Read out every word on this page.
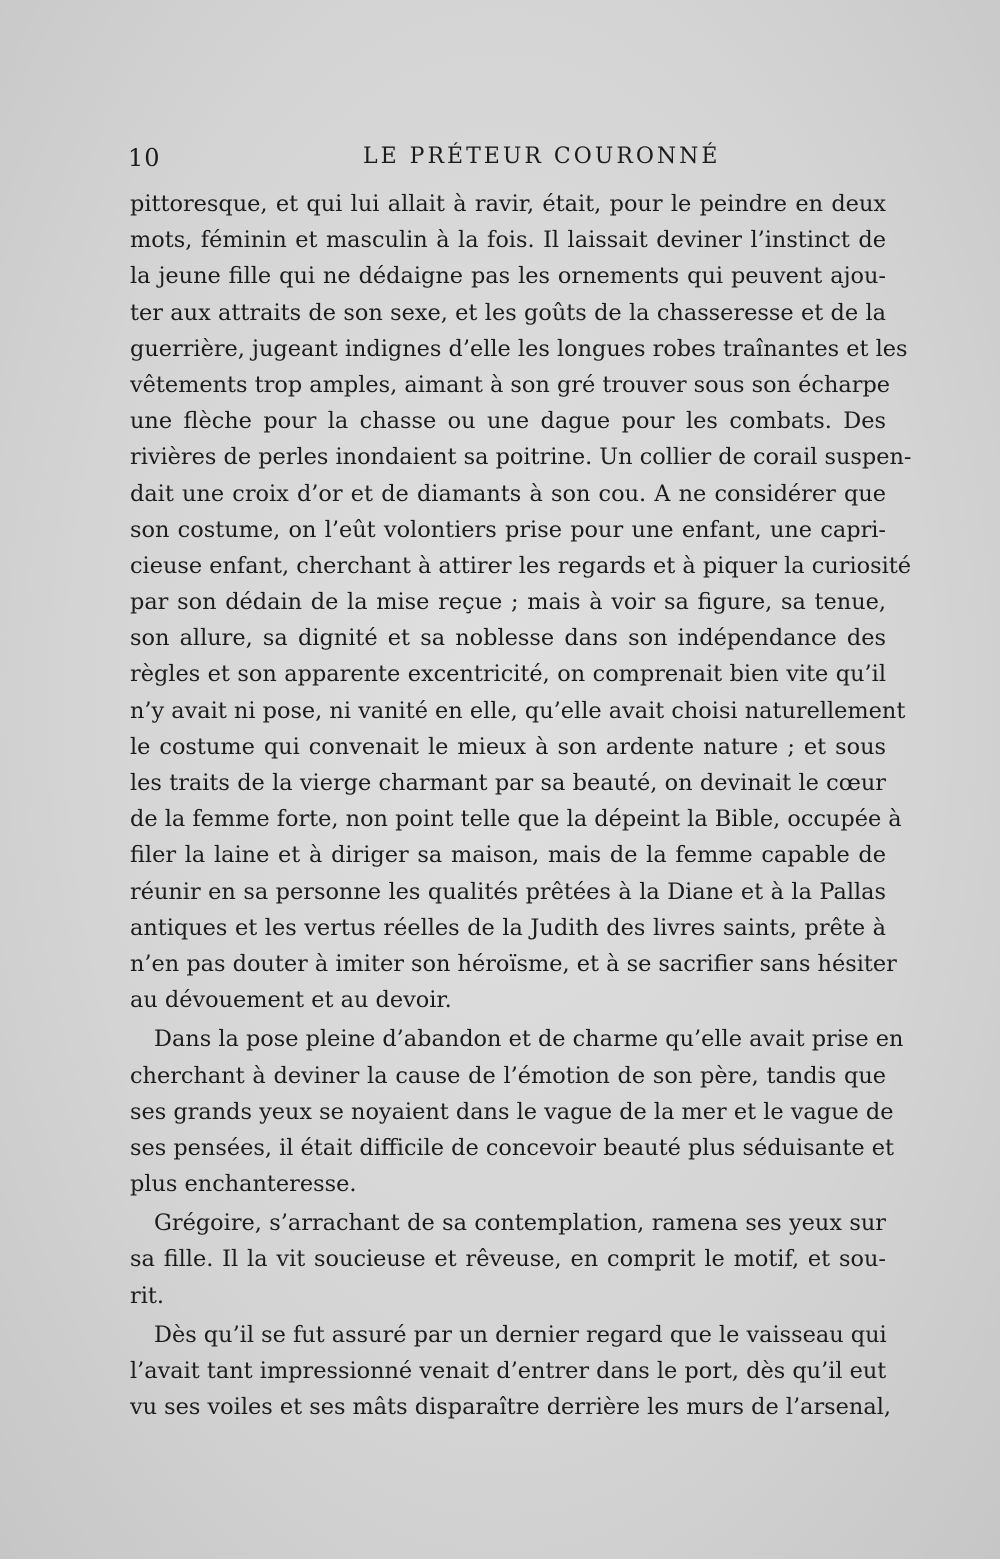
10	LE PRÉTEUR COURONNÉ
pittoresque, et qui lui allait à ravir, était, pour le peindre en deux
mots, féminin et masculin à la fois. Il laissait deviner l’instinct de
la jeune fille qui ne dédaigne pas les ornements qui peuvent ajou-
ter aux attraits de son sexe, et les goûts de la chasseresse et de la
guerrière, jugeant indignes d’elle les longues robes traînantes et les
vêtements trop amples, aimant à son gré trouver sous son écharpe
une flèche pour la chasse ou une dague pour les combats. Des
rivières de perles inondaient sa poitrine. Un collier de corail suspen-
dait une croix d’or et de diamants à son cou. A ne considérer que
son costume, on l’eût volontiers prise pour une enfant, une capri-
cieuse enfant, cherchant à attirer les regards et à piquer la curiosité
par son dédain de la mise reçue ; mais à voir sa figure, sa tenue,
son allure, sa dignité et sa noblesse dans son indépendance des
règles et son apparente excentricité, on comprenait bien vite qu’il
n’y avait ni pose, ni vanité en elle, qu’elle avait choisi naturellement
le costume qui convenait le mieux à son ardente nature ; et sous
les traits de la vierge charmant par sa beauté, on devinait le cœur
de la femme forte, non point telle que la dépeint la Bible, occupée à
filer la laine et à diriger sa maison, mais de la femme capable de
réunir en sa personne les qualités prêtées à la Diane et à la Pallas
antiques et les vertus réelles de la Judith des livres saints, prête à
n’en pas douter à imiter son héroïsme, et à se sacrifier sans hésiter
au dévouement et au devoir.
Dans la pose pleine d’abandon et de charme qu’elle avait prise en
cherchant à deviner la cause de l’émotion de son père, tandis que
ses grands yeux se noyaient dans le vague de la mer et le vague de
ses pensées, il était difficile de concevoir beauté plus séduisante et
plus enchanteresse.
Grégoire, s’arrachant de sa contemplation, ramena ses yeux sur
sa fille. Il la vit soucieuse et rêveuse, en comprit le motif, et sou-
rit.
Dès qu’il se fut assuré par un dernier regard que le vaisseau qui
l’avait tant impressionné venait d’entrer dans le port, dès qu’il eut
vu ses voiles et ses mâts disparaître derrière les murs de l’arsenal,
